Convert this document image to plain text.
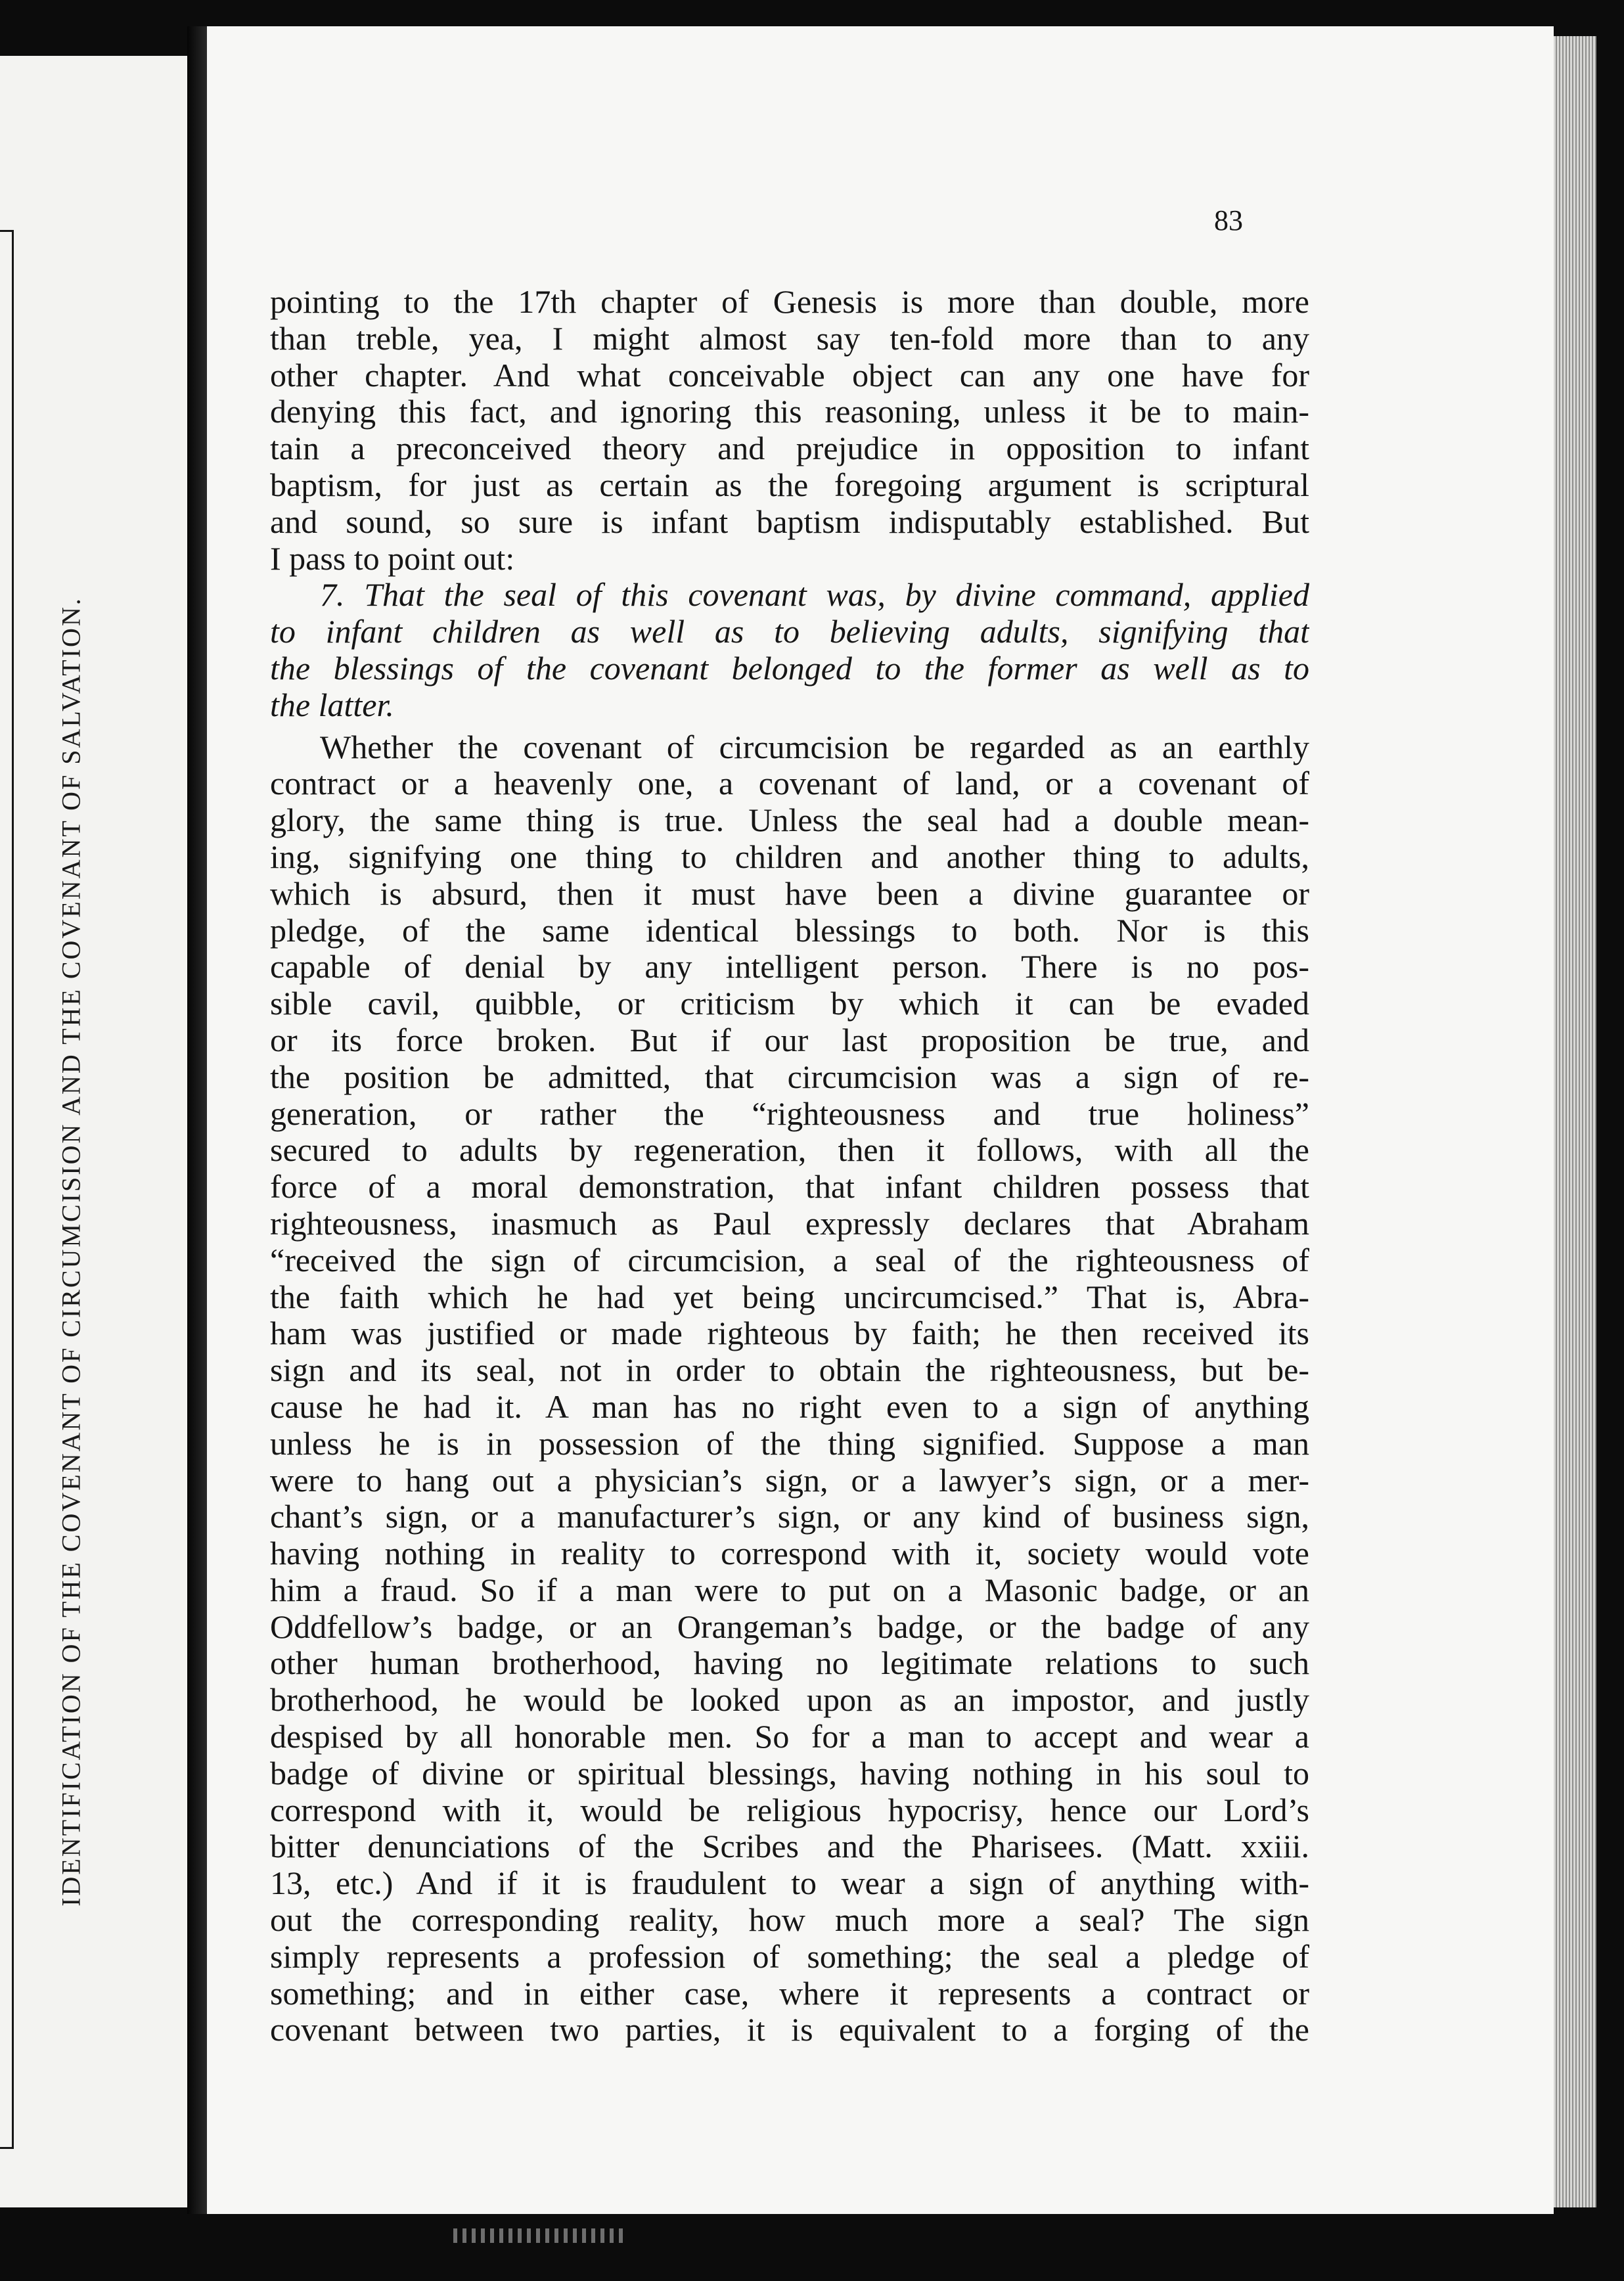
IDENTIFICATION OF THE COVENANT OF CIRCUMCISION AND THE COVENANT OF SALVATION.
83
pointing to the 17th chapter of Genesis is more than double, more
than treble, yea, I might almost say ten-fold more than to any
other chapter. And what conceivable object can any one have for
denying this fact, and ignoring this reasoning, unless it be to main-
tain a preconceived theory and prejudice in opposition to infant
baptism, for just as certain as the foregoing argument is scriptural
and sound, so sure is infant baptism indisputably established. But
I pass to point out:
7. That the seal of this covenant was, by divine command, applied
to infant children as well as to believing adults, signifying that
the blessings of the covenant belonged to the former as well as to
the latter.
Whether the covenant of circumcision be regarded as an earthly
contract or a heavenly one, a covenant of land, or a covenant of
glory, the same thing is true. Unless the seal had a double mean-
ing, signifying one thing to children and another thing to adults,
which is absurd, then it must have been a divine guarantee or
pledge, of the same identical blessings to both. Nor is this
capable of denial by any intelligent person. There is no pos-
sible cavil, quibble, or criticism by which it can be evaded
or its force broken. But if our last proposition be true, and
the position be admitted, that circumcision was a sign of re-
generation, or rather the “righteousness and true holiness”
secured to adults by regeneration, then it follows, with all the
force of a moral demonstration, that infant children possess that
righteousness, inasmuch as Paul expressly declares that Abraham
“received the sign of circumcision, a seal of the righteousness of
the faith which he had yet being uncircumcised.” That is, Abra-
ham was justified or made righteous by faith; he then received its
sign and its seal, not in order to obtain the righteousness, but be-
cause he had it. A man has no right even to a sign of anything
unless he is in possession of the thing signified. Suppose a man
were to hang out a physician’s sign, or a lawyer’s sign, or a mer-
chant’s sign, or a manufacturer’s sign, or any kind of business sign,
having nothing in reality to correspond with it, society would vote
him a fraud. So if a man were to put on a Masonic badge, or an
Oddfellow’s badge, or an Orangeman’s badge, or the badge of any
other human brotherhood, having no legitimate relations to such
brotherhood, he would be looked upon as an impostor, and justly
despised by all honorable men. So for a man to accept and wear a
badge of divine or spiritual blessings, having nothing in his soul to
correspond with it, would be religious hypocrisy, hence our Lord’s
bitter denunciations of the Scribes and the Pharisees. (Matt. xxiii.
13, etc.) And if it is fraudulent to wear a sign of anything with-
out the corresponding reality, how much more a seal? The sign
simply represents a profession of something; the seal a pledge of
something; and in either case, where it represents a contract or
covenant between two parties, it is equivalent to a forging of the
